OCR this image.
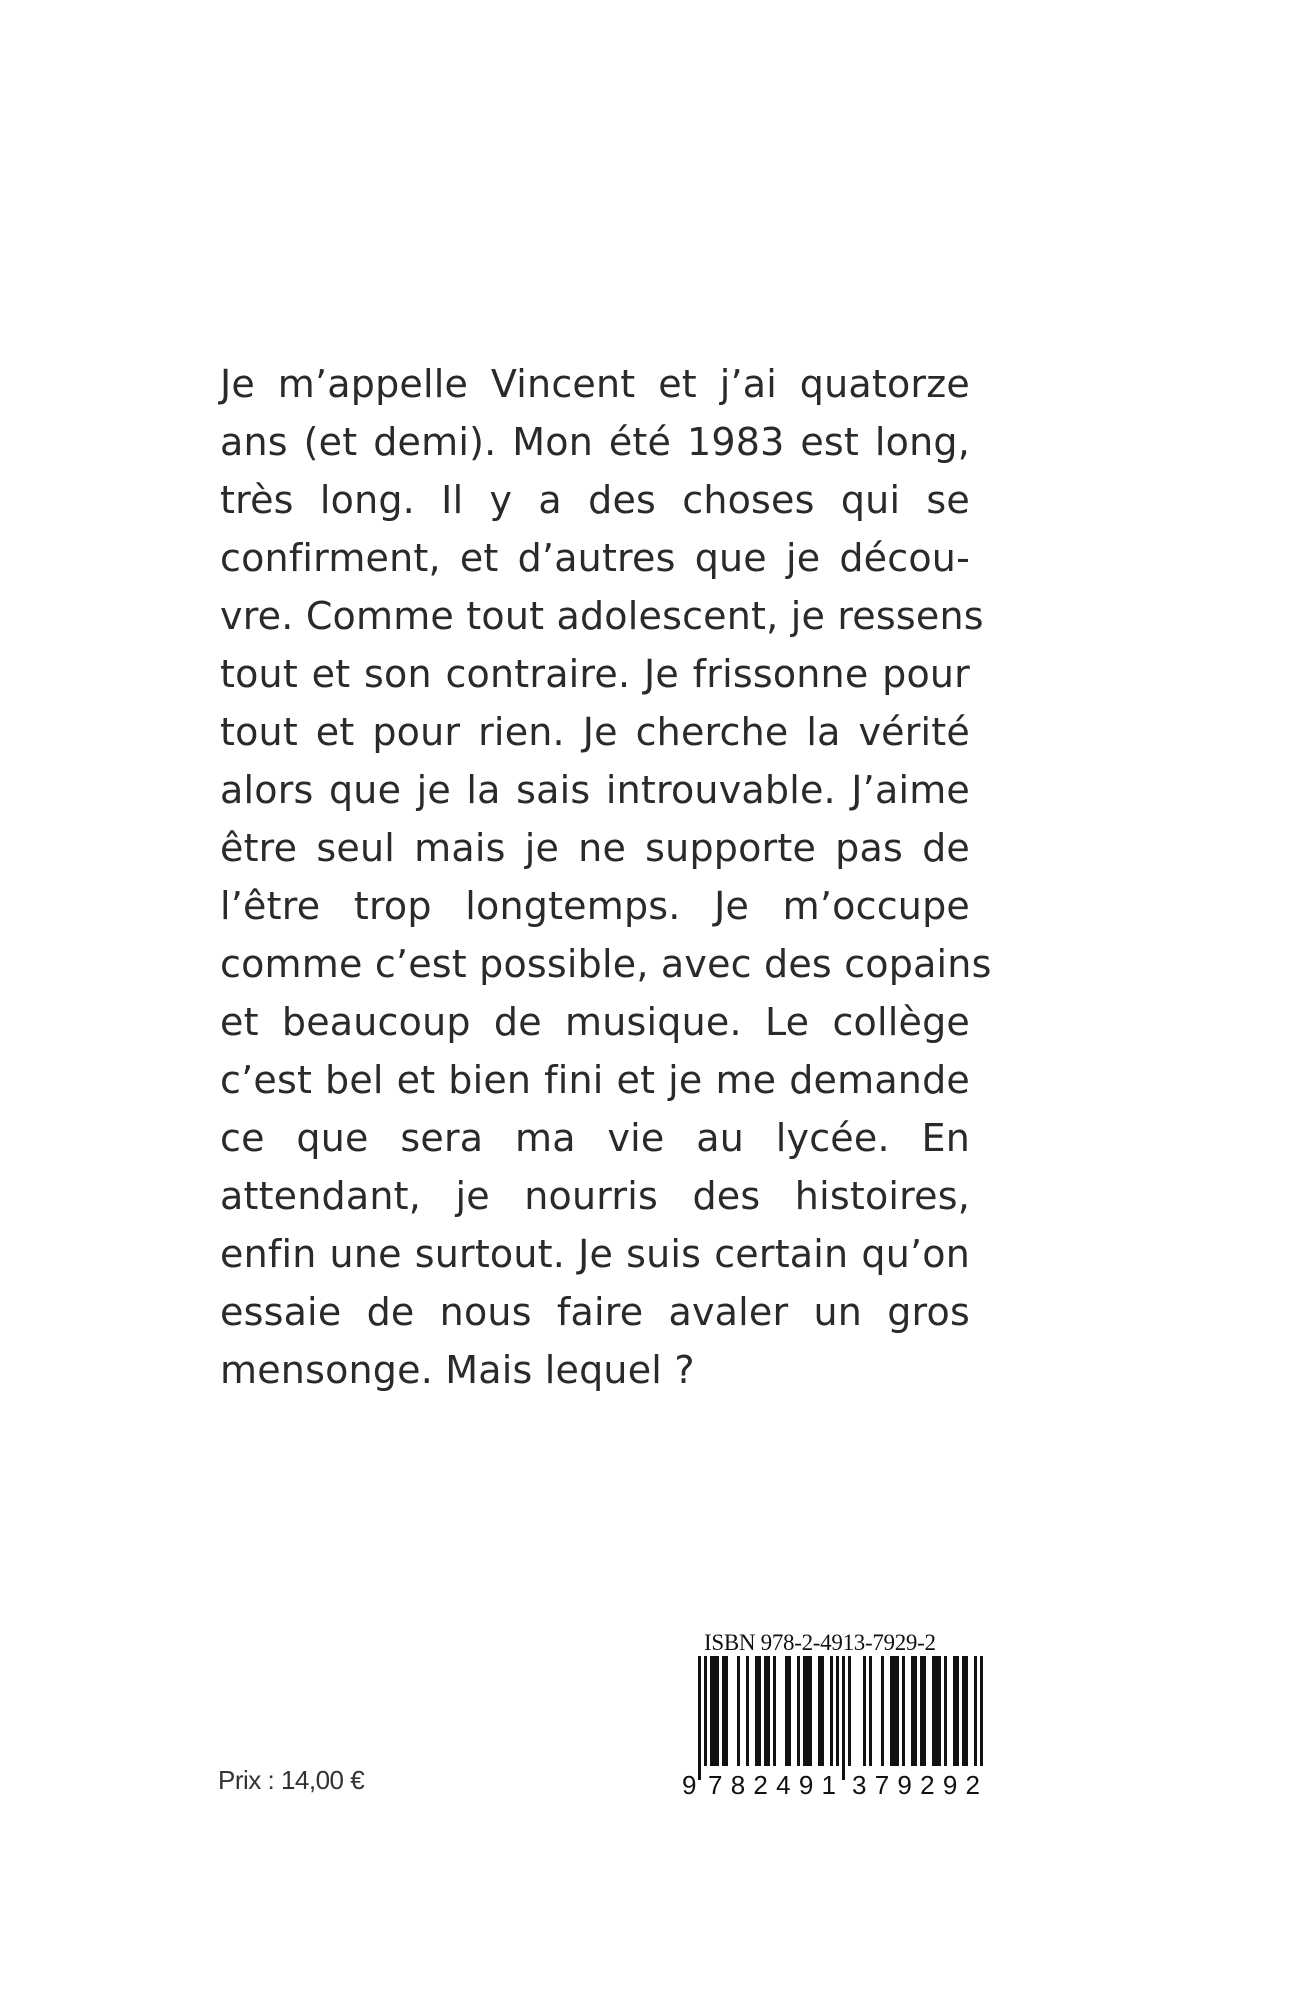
Je m’appelle Vincent et j’ai quatorze
ans (et demi). Mon été 1983 est long,
très long. Il y a des choses qui se
confirment, et d’autres que je décou-
vre. Comme tout adolescent, je ressens
tout et son contraire. Je frissonne pour
tout et pour rien. Je cherche la vérité
alors que je la sais introuvable. J’aime
être seul mais je ne supporte pas de
l’être trop longtemps. Je m’occupe
comme c’est possible, avec des copains
et beaucoup de musique. Le collège
c’est bel et bien fini et je me demande
ce que sera ma vie au lycée. En
attendant, je nourris des histoires,
enfin une surtout. Je suis certain qu’on
essaie de nous faire avaler un gros
mensonge. Mais lequel ?
Prix : 14,00 €
ISBN 978-2-4913-7929-2
9 782491 379292
